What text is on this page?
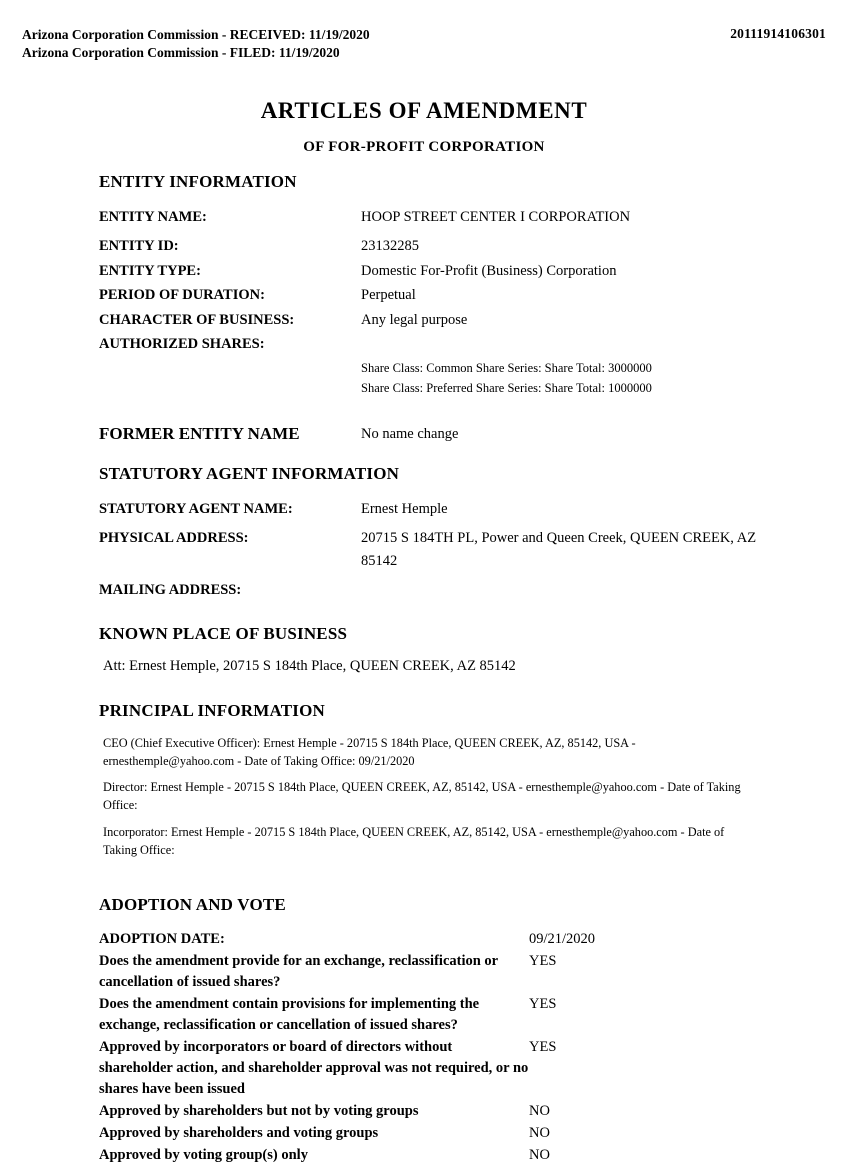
Arizona Corporation Commission - RECEIVED: 11/19/2020
Arizona Corporation Commission - FILED: 11/19/2020
20111914106301
ARTICLES OF AMENDMENT
OF FOR-PROFIT CORPORATION
ENTITY INFORMATION
ENTITY NAME:	HOOP STREET CENTER I CORPORATION
ENTITY ID:	23132285
ENTITY TYPE:	Domestic For-Profit (Business) Corporation
PERIOD OF DURATION:	Perpetual
CHARACTER OF BUSINESS:	Any legal purpose
AUTHORIZED SHARES:
Share Class: Common Share Series: Share Total: 3000000
Share Class: Preferred Share Series: Share Total: 1000000
FORMER ENTITY NAME	No name change
STATUTORY AGENT INFORMATION
STATUTORY AGENT NAME:	Ernest Hemple
PHYSICAL ADDRESS:	20715 S 184TH PL, Power and Queen Creek, QUEEN CREEK, AZ 85142
MAILING ADDRESS:
KNOWN PLACE OF BUSINESS
Att: Ernest Hemple, 20715 S 184th Place, QUEEN CREEK, AZ 85142
PRINCIPAL INFORMATION
CEO (Chief Executive Officer): Ernest Hemple - 20715 S 184th Place, QUEEN CREEK, AZ, 85142, USA - ernesthemple@yahoo.com - Date of Taking Office: 09/21/2020
Director: Ernest Hemple - 20715 S 184th Place, QUEEN CREEK, AZ, 85142, USA - ernesthemple@yahoo.com - Date of Taking Office:
Incorporator: Ernest Hemple - 20715 S 184th Place, QUEEN CREEK, AZ, 85142, USA - ernesthemple@yahoo.com - Date of Taking Office:
ADOPTION AND VOTE
ADOPTION DATE:	09/21/2020
Does the amendment provide for an exchange, reclassification or cancellation of issued shares?
YES
Does the amendment contain provisions for implementing the exchange, reclassification or cancellation of issued shares?
YES
Approved by incorporators or board of directors without shareholder action, and shareholder approval was not required, or no shares have been issued
YES
Approved by shareholders but not by voting groups	NO
Approved by shareholders and voting groups	NO
Approved by voting group(s) only	NO
